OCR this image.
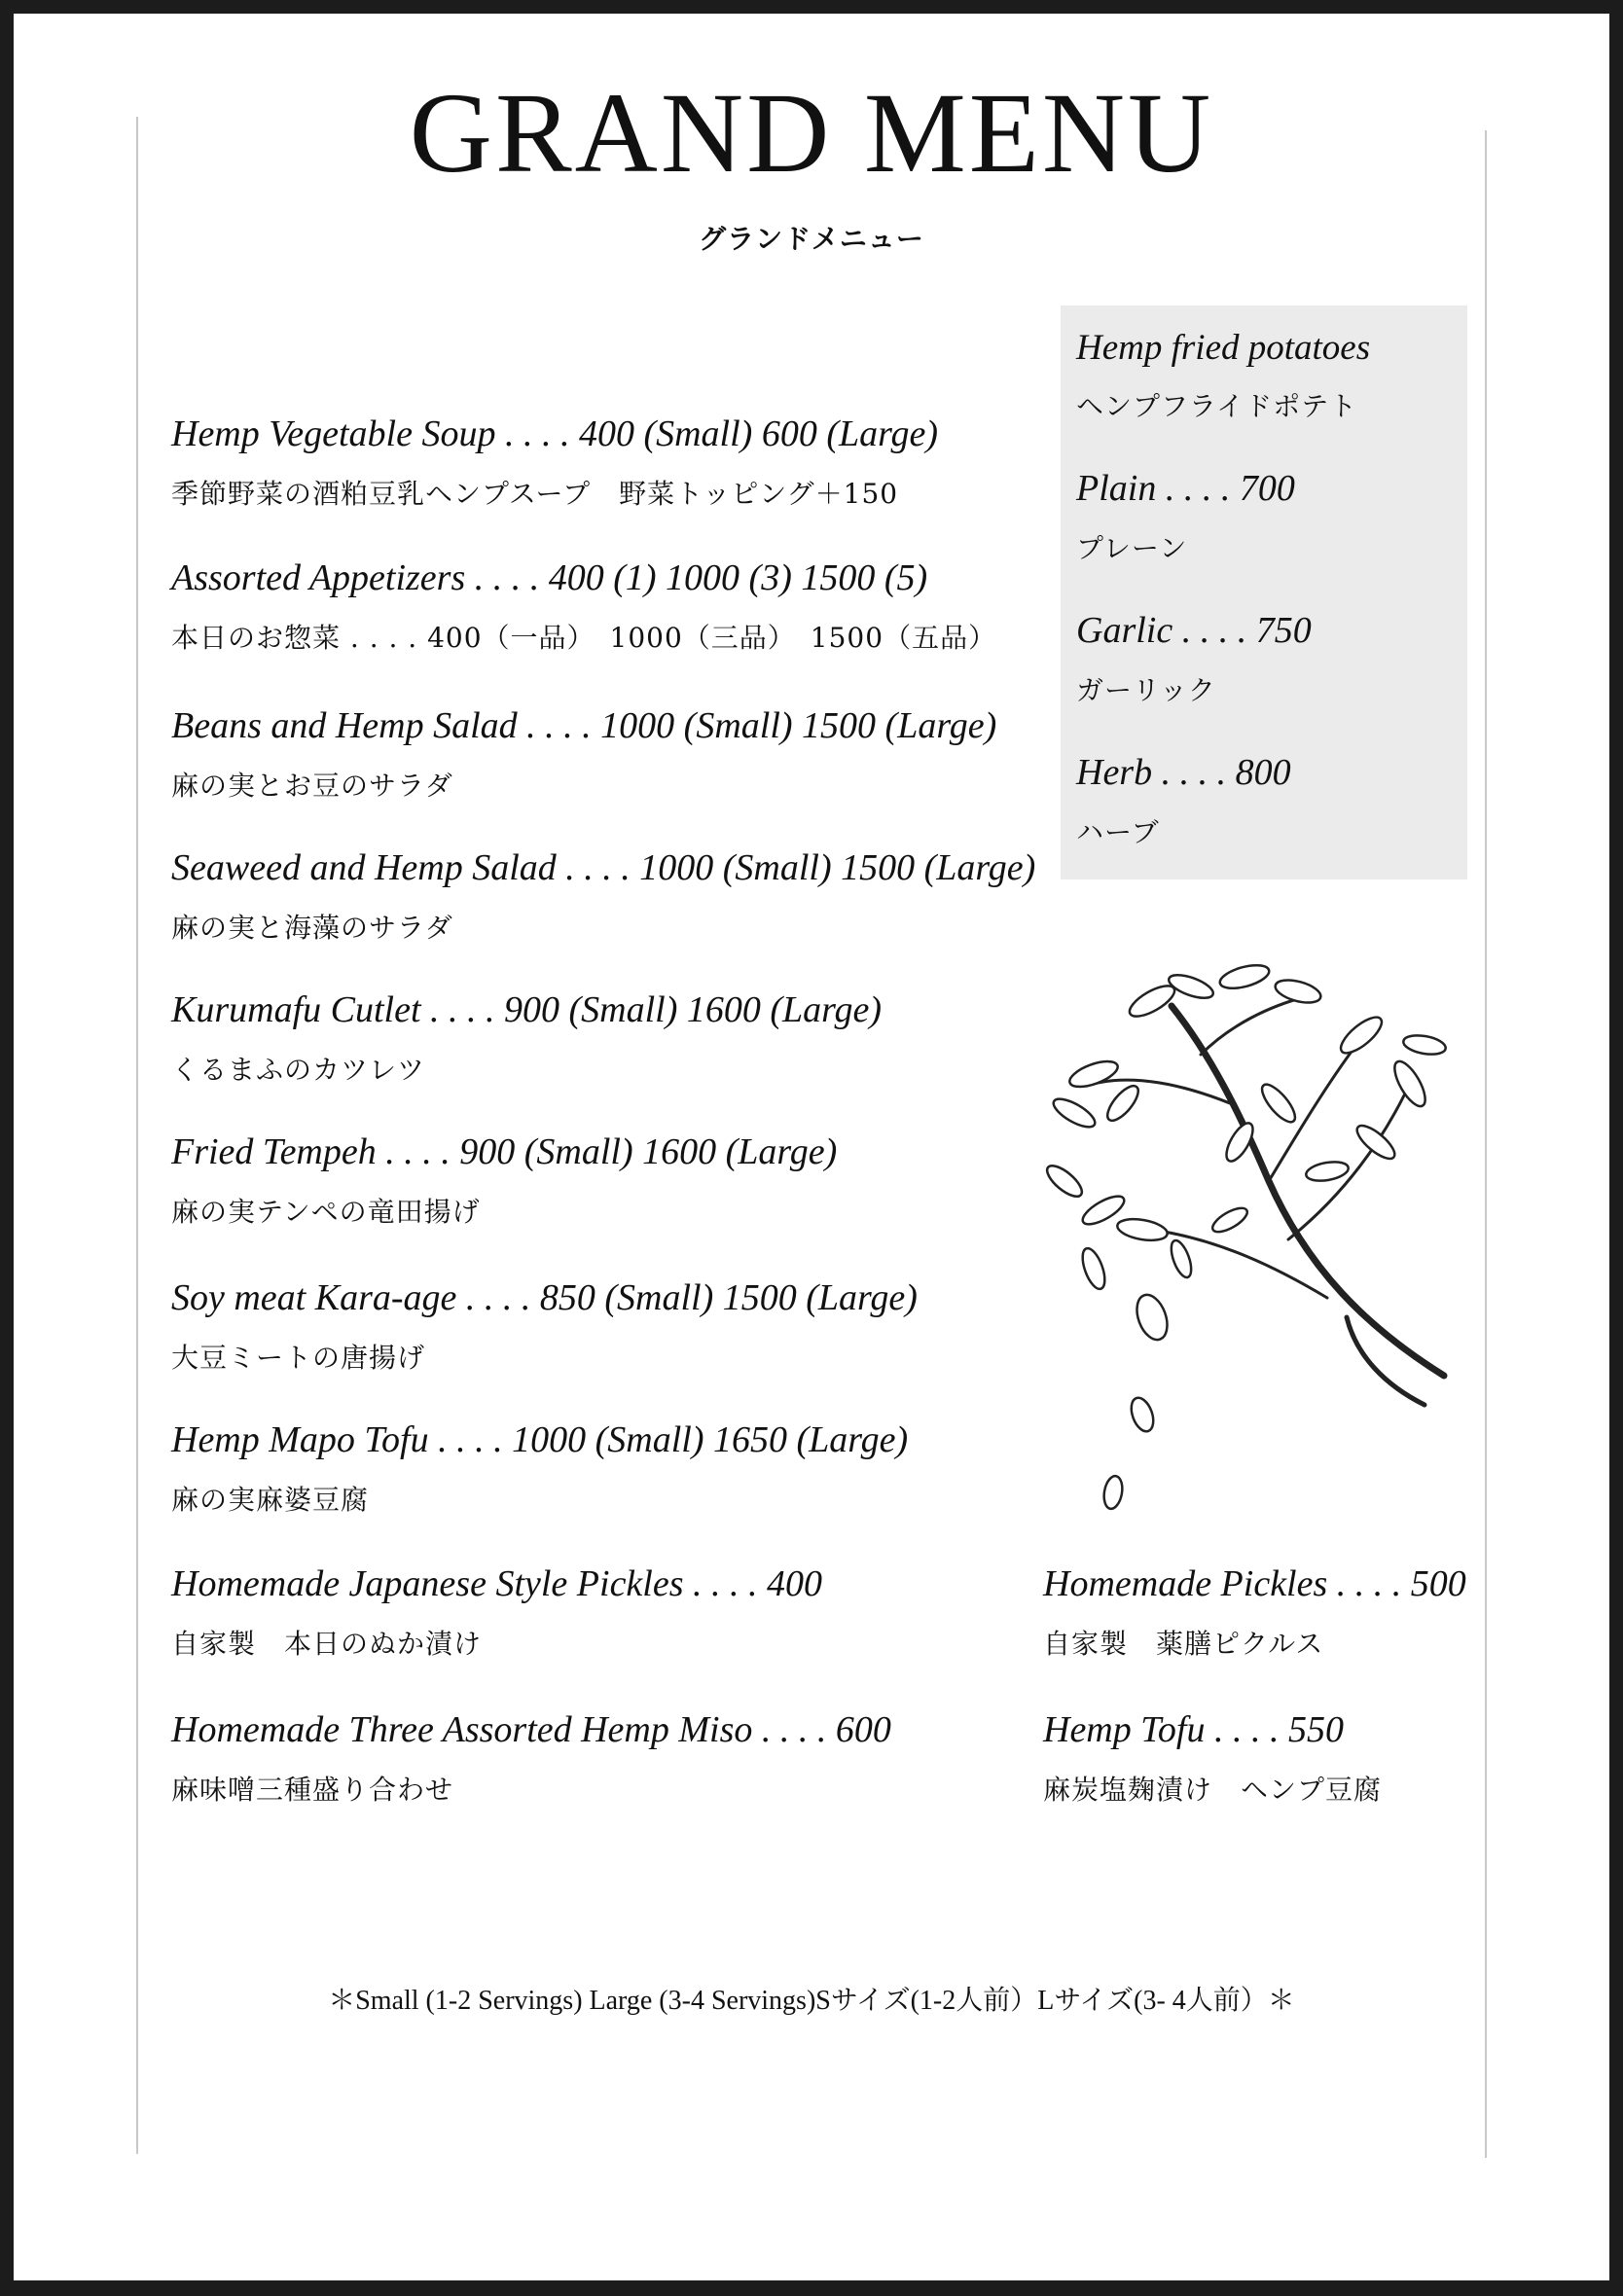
GRAND MENU
グランドメニュー
Hemp Vegetable Soup . . . . 400 (Small) 600 (Large)
季節野菜の酒粕豆乳ヘンプスープ　野菜トッピング＋150
Assorted Appetizers . . . . 400 (1) 1000 (3) 1500 (5)
本日のお惣菜 . . . . 400（一品）　1000（三品）　1500（五品）
Beans and Hemp Salad . . . . 1000 (Small) 1500 (Large)
麻の実とお豆のサラダ
Seaweed and Hemp Salad . . . . 1000 (Small) 1500 (Large)
麻の実と海藻のサラダ
Kurumafu Cutlet . . . . 900 (Small) 1600 (Large)
くるまふのカツレツ
Fried Tempeh . . . . 900 (Small) 1600 (Large)
麻の実テンペの竜田揚げ
Soy meat Kara-age . . . . 850 (Small) 1500 (Large)
大豆ミートの唐揚げ
Hemp Mapo Tofu . . . . 1000 (Small) 1650 (Large)
麻の実麻婆豆腐
Homemade Japanese Style Pickles . . . . 400
自家製　本日のぬか漬け
Homemade Three Assorted Hemp Miso . . . . 600
麻味噌三種盛り合わせ
Hemp fried potatoes
ヘンプフライドポテト
Plain . . . . 700
プレーン
Garlic . . . . 750
ガーリック
Herb . . . . 800
ハーブ
Homemade Pickles . . . . 500
自家製　薬膳ピクルス
Hemp Tofu . . . . 550
麻炭塩麹漬け　ヘンプ豆腐
＊Small (1-2 Servings) Large (3-4 Servings)Sサイズ(1-2人前）Lサイズ(3- 4人前）＊
